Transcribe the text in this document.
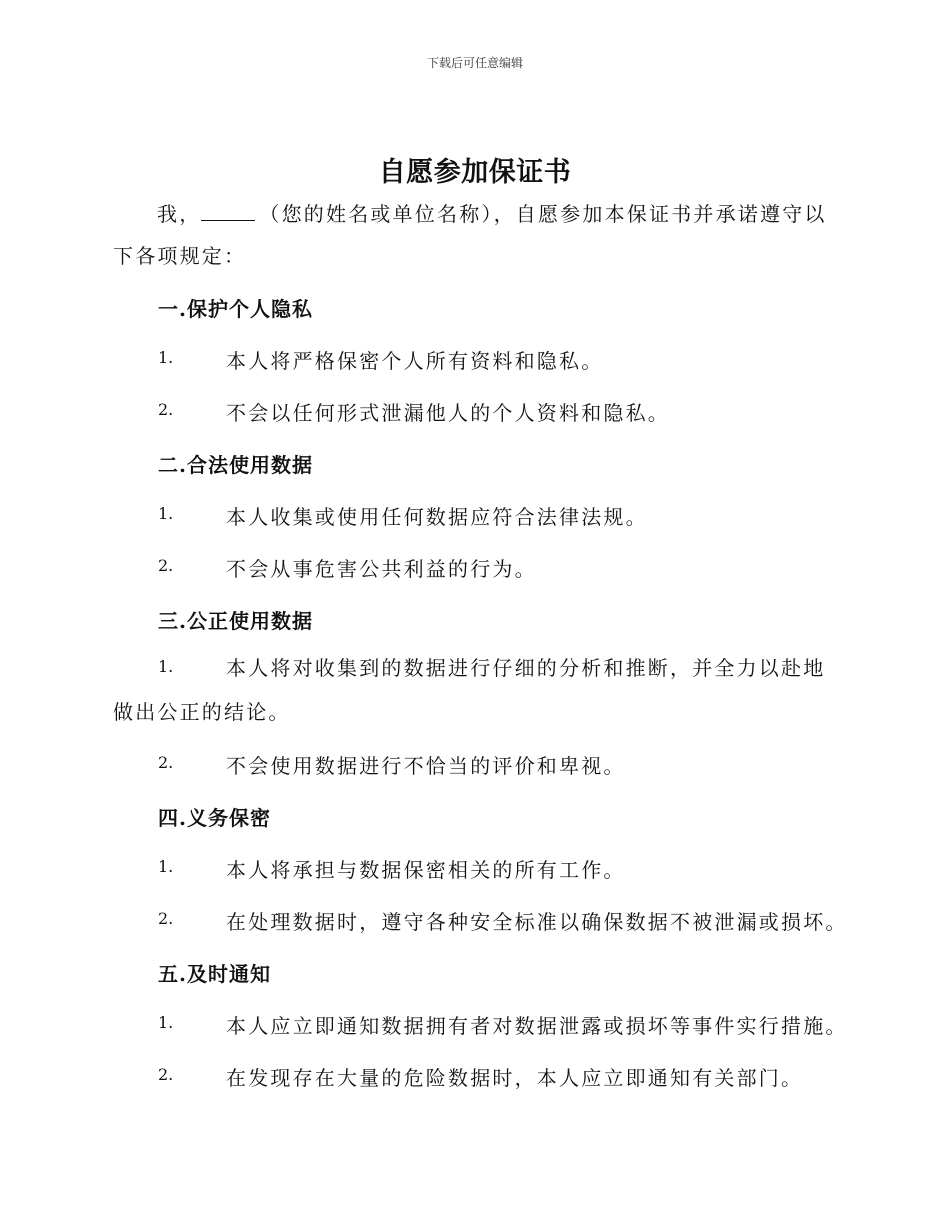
下载后可任意编辑
自愿参加保证书
我，	（您的姓名或单位名称），自愿参加本保证书并承诺遵守以下各项规定：
一.保护个人隐私
1.	本人将严格保密个人所有资料和隐私。
2.	不会以任何形式泄漏他人的个人资料和隐私。
二.合法使用数据
1.	本人收集或使用任何数据应符合法律法规。
2.	不会从事危害公共利益的行为。
三.公正使用数据
1.	本人将对收集到的数据进行仔细的分析和推断，并全力以赴地做出公正的结论。
2.	不会使用数据进行不恰当的评价和卑视。
四.义务保密
1.	本人将承担与数据保密相关的所有工作。
2.	在处理数据时，遵守各种安全标准以确保数据不被泄漏或损坏。
五.及时通知
1.	本人应立即通知数据拥有者对数据泄露或损坏等事件实行措施。
2.	在发现存在大量的危险数据时，本人应立即通知有关部门。
